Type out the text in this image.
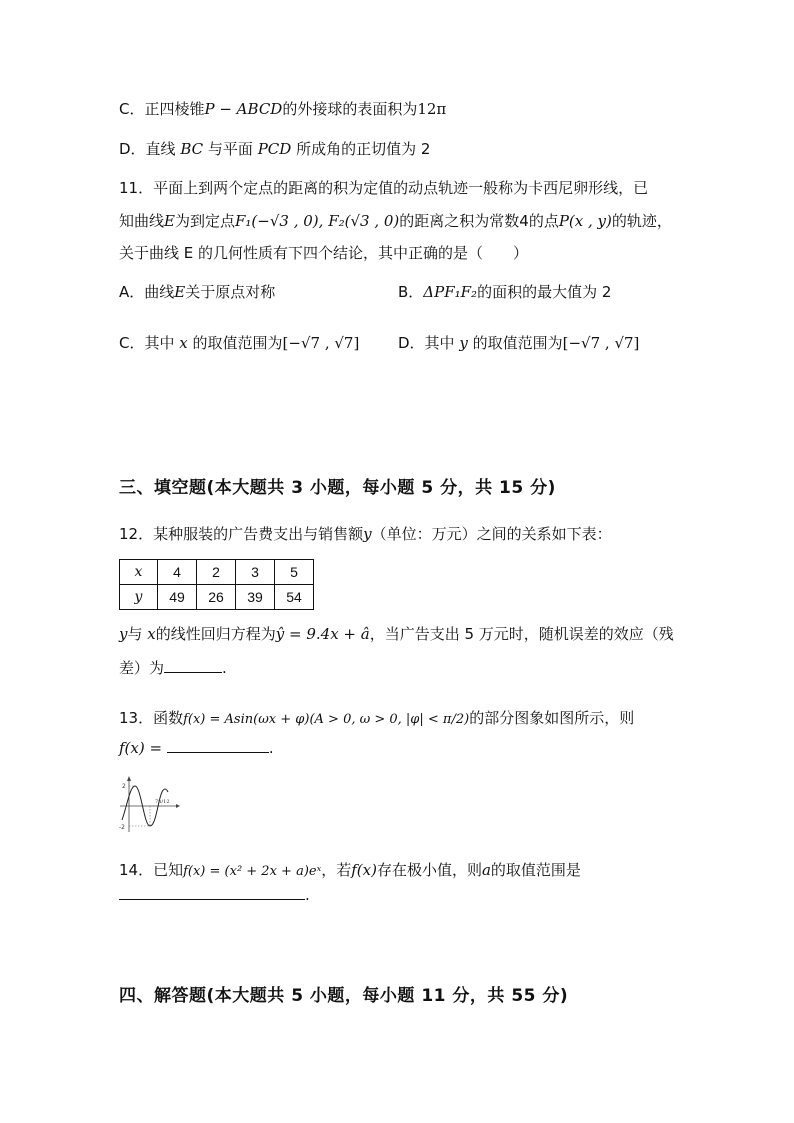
C．正四棱锥P − ABCD的外接球的表面积为12π
D．直线 BC 与平面 PCD 所成角的正切值为 2
11．平面上到两个定点的距离的积为定值的动点轨迹一般称为卡西尼卵形线，已
知曲线E为到定点F₁(−√3 , 0), F₂(√3 , 0)的距离之积为常数4的点P(x , y)的轨迹，
关于曲线 E 的几何性质有下四个结论，其中正确的是（　　）
A．曲线E关于原点对称	B．ΔPF₁F₂的面积的最大值为 2
C．其中 x 的取值范围为[−√7 , √7]	D．其中 y 的取值范围为[−√7 , √7]
三、填空题(本大题共 3 小题，每小题 5 分，共 15 分)
12．某种服装的广告费支出与销售额y（单位：万元）之间的关系如下表：
x	4	2	3	5
y	49	26	39	54
y与 x的线性回归方程为ŷ = 9.4x + â，当广告支出 5 万元时，随机误差的效应（残
差）为	.
13．函数f(x) = Asin(ωx + φ)(A > 0, ω > 0, |φ| < π/2)的部分图象如图所示，则
f(x) =	.
2
-2
7π/12
14．已知f(x) = (x² + 2x + a)eˣ，若f(x)存在极小值，则a的取值范围是
.
四、解答题(本大题共 5 小题，每小题 11 分，共 55 分)
